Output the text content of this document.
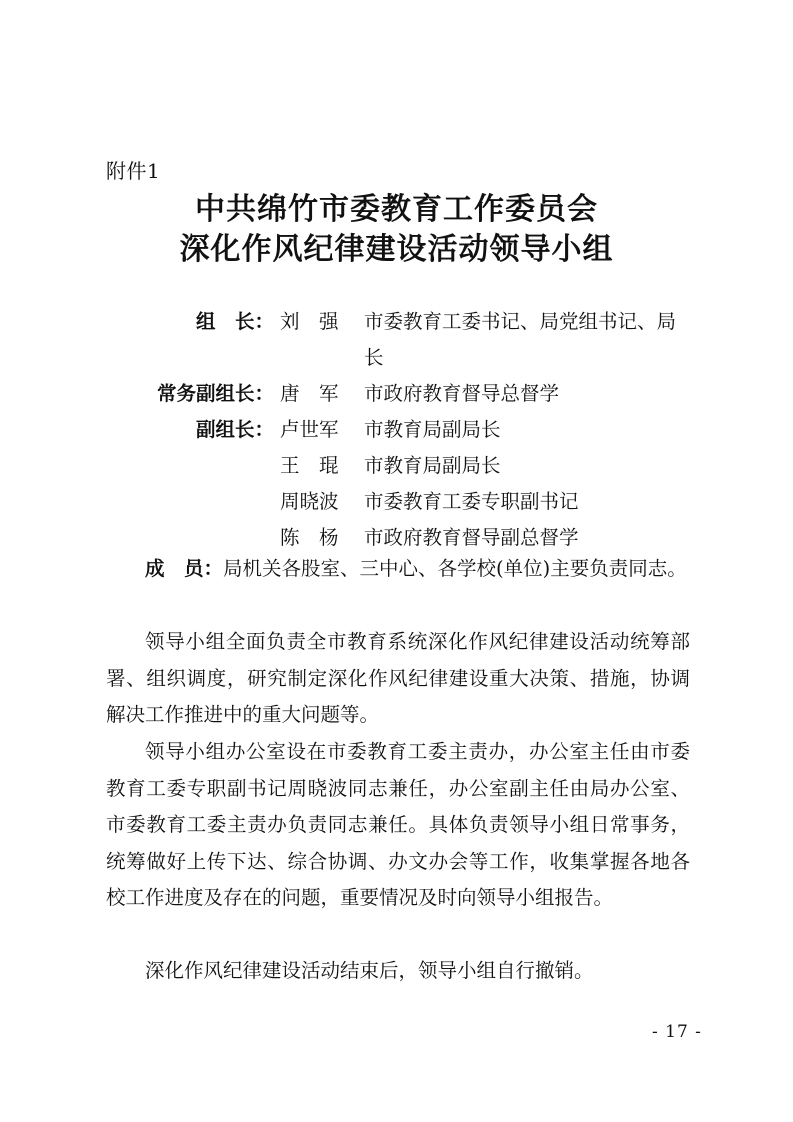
附件1
中共绵竹市委教育工作委员会
深化作风纪律建设活动领导小组
组　长： 刘　强	市委教育工委书记、局党组书记、局
长
常务副组长： 唐　军	市政府教育督导总督学
副组长： 卢世军	市教育局副局长
王　琨	市教育局副局长
周晓波	市委教育工委专职副书记
陈　杨	市政府教育督导副总督学

成　员：局机关各股室、三中心、各学校(单位)主要负责同志。

领导小组全面负责全市教育系统深化作风纪律建设活动统筹部署、组织调度，研究制定深化作风纪律建设重大决策、措施，协调解决工作推进中的重大问题等。

领导小组办公室设在市委教育工委主责办，办公室主任由市委教育工委专职副书记周晓波同志兼任，办公室副主任由局办公室、市委教育工委主责办负责同志兼任。具体负责领导小组日常事务，统筹做好上传下达、综合协调、办文办会等工作，收集掌握各地各校工作进度及存在的问题，重要情况及时向领导小组报告。

深化作风纪律建设活动结束后，领导小组自行撤销。

- 17 -
